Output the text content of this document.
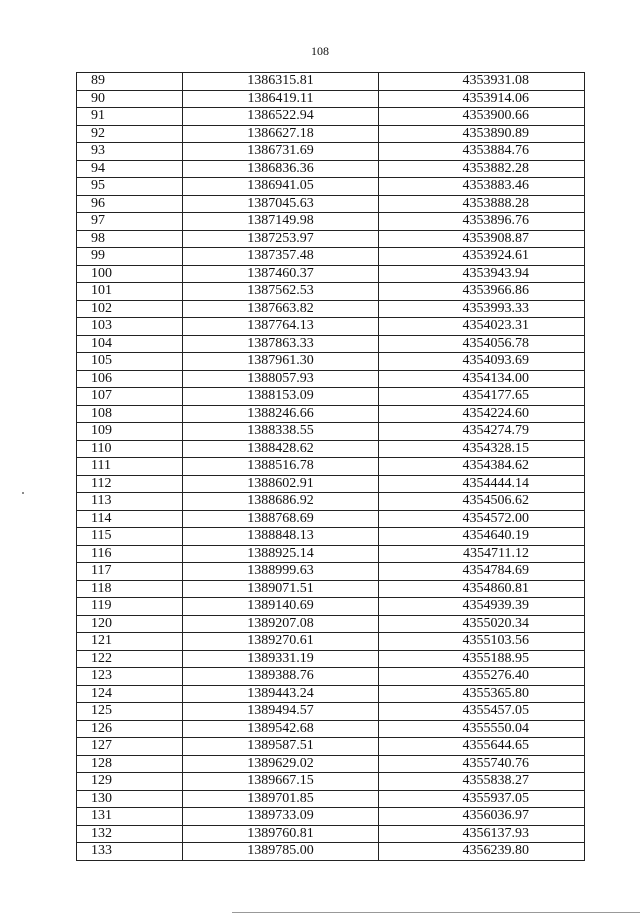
108
89	1386315.81	4353931.08
90	1386419.11	4353914.06
91	1386522.94	4353900.66
92	1386627.18	4353890.89
93	1386731.69	4353884.76
94	1386836.36	4353882.28
95	1386941.05	4353883.46
96	1387045.63	4353888.28
97	1387149.98	4353896.76
98	1387253.97	4353908.87
99	1387357.48	4353924.61
100	1387460.37	4353943.94
101	1387562.53	4353966.86
102	1387663.82	4353993.33
103	1387764.13	4354023.31
104	1387863.33	4354056.78
105	1387961.30	4354093.69
106	1388057.93	4354134.00
107	1388153.09	4354177.65
108	1388246.66	4354224.60
109	1388338.55	4354274.79
110	1388428.62	4354328.15
111	1388516.78	4354384.62
112	1388602.91	4354444.14
113	1388686.92	4354506.62
114	1388768.69	4354572.00
115	1388848.13	4354640.19
116	1388925.14	4354711.12
117	1388999.63	4354784.69
118	1389071.51	4354860.81
119	1389140.69	4354939.39
120	1389207.08	4355020.34
121	1389270.61	4355103.56
122	1389331.19	4355188.95
123	1389388.76	4355276.40
124	1389443.24	4355365.80
125	1389494.57	4355457.05
126	1389542.68	4355550.04
127	1389587.51	4355644.65
128	1389629.02	4355740.76
129	1389667.15	4355838.27
130	1389701.85	4355937.05
131	1389733.09	4356036.97
132	1389760.81	4356137.93
133	1389785.00	4356239.80
